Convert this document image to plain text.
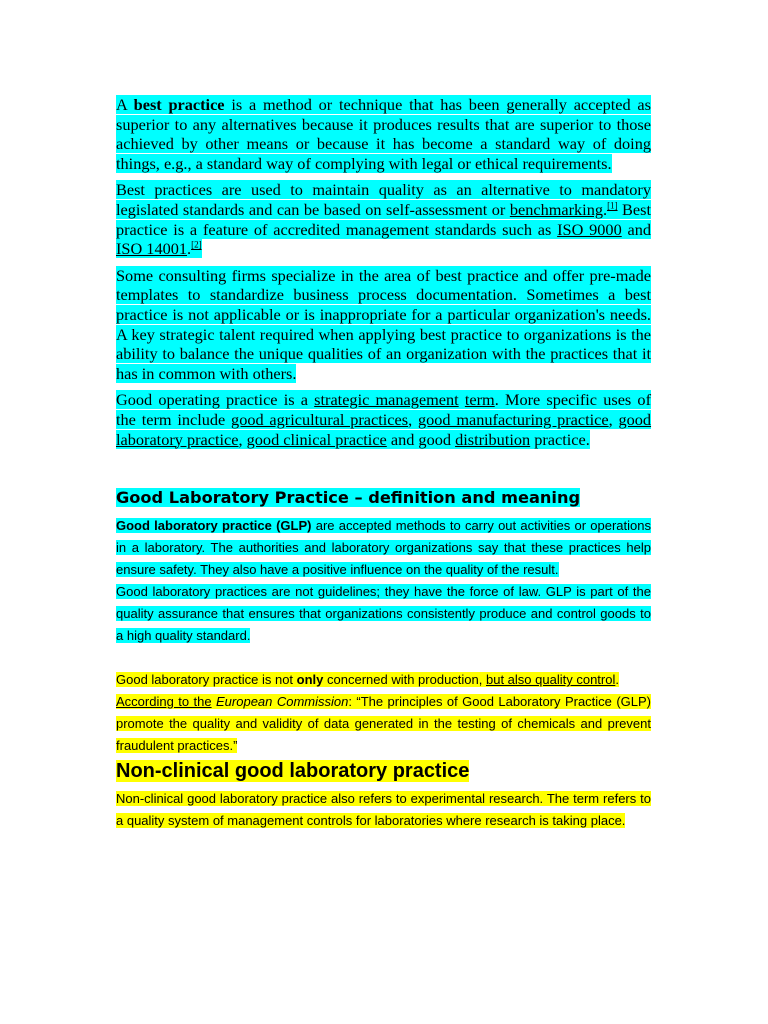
A best practice is a method or technique that has been generally accepted as superior to any alternatives because it produces results that are superior to those achieved by other means or because it has become a standard way of doing things, e.g., a standard way of complying with legal or ethical requirements.

Best practices are used to maintain quality as an alternative to mandatory legislated standards and can be based on self-assessment or benchmarking.[1] Best practice is a feature of accredited management standards such as ISO 9000 and ISO 14001.[2]

Some consulting firms specialize in the area of best practice and offer pre-made templates to standardize business process documentation. Sometimes a best practice is not applicable or is inappropriate for a particular organization's needs. A key strategic talent required when applying best practice to organizations is the ability to balance the unique qualities of an organization with the practices that it has in common with others.

Good operating practice is a strategic management term. More specific uses of the term include good agricultural practices, good manufacturing practice, good laboratory practice, good clinical practice and good distribution practice.

Good Laboratory Practice – definition and meaning

Good laboratory practice (GLP) are accepted methods to carry out activities or operations in a laboratory. The authorities and laboratory organizations say that these practices help ensure safety. They also have a positive influence on the quality of the result.

Good laboratory practices are not guidelines; they have the force of law. GLP is part of the quality assurance that ensures that organizations consistently produce and control goods to a high quality standard.

Good laboratory practice is not only concerned with production, but also quality control.

According to the European Commission: “The principles of Good Laboratory Practice (GLP) promote the quality and validity of data generated in the testing of chemicals and prevent fraudulent practices.”

Non-clinical good laboratory practice

Non-clinical good laboratory practice also refers to experimental research. The term refers to a quality system of management controls for laboratories where research is taking place.
